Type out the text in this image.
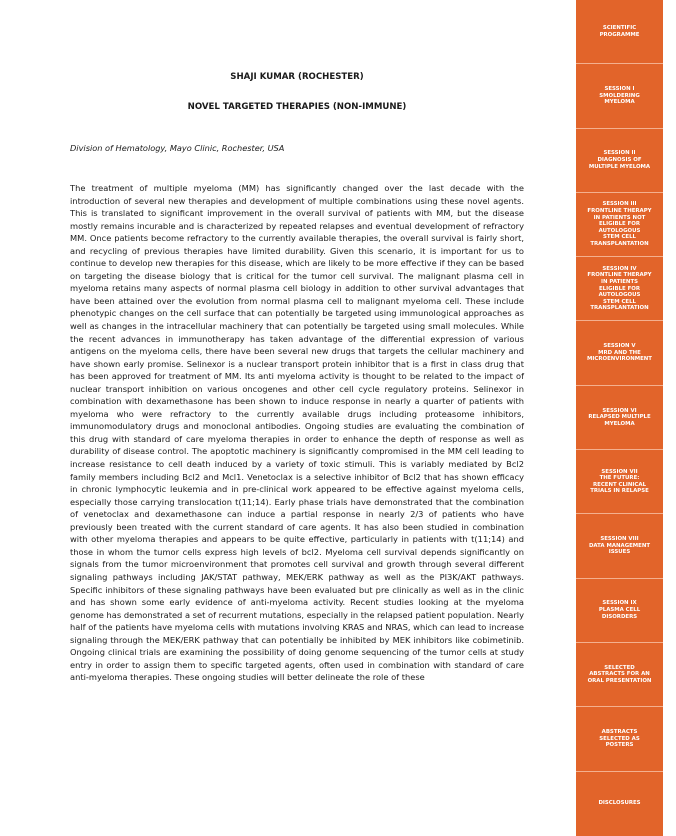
SHAJI KUMAR (ROCHESTER)
NOVEL TARGETED THERAPIES (NON-IMMUNE)
Division of Hematology, Mayo Clinic, Rochester, USA

The treatment of multiple myeloma (MM) has significantly changed over the last decade with the introduction of several new therapies and development of multiple combinations using these novel agents. This is translated to significant improvement in the overall survival of patients with MM, but the disease mostly remains incurable and is characterized by repeated relapses and eventual development of refractory MM. Once patients become refractory to the currently available therapies, the overall survival is fairly short, and recycling of previous therapies have limited durability. Given this scenario, it is important for us to continue to develop new therapies for this disease, which are likely to be more effective if they can be based on targeting the disease biology that is critical for the tumor cell survival. The malignant plasma cell in myeloma retains many aspects of normal plasma cell biology in addition to other survival advantages that have been attained over the evolution from normal plasma cell to malignant myeloma cell. These include phenotypic changes on the cell surface that can potentially be targeted using immunological approaches as well as changes in the intracellular machinery that can potentially be targeted using small molecules. While the recent advances in immunotherapy has taken advantage of the differential expression of various antigens on the myeloma cells, there have been several new drugs that targets the cellular machinery and have shown early promise. Selinexor is a nuclear transport protein inhibitor that is a first in class drug that has been approved for treatment of MM. Its anti myeloma activity is thought to be related to the impact of nuclear transport inhibition on various oncogenes and other cell cycle regulatory proteins. Selinexor in combination with dexamethasone has been shown to induce response in nearly a quarter of patients with myeloma who were refractory to the currently available drugs including proteasome inhibitors, immunomodulatory drugs and monoclonal antibodies. Ongoing studies are evaluating the combination of this drug with standard of care myeloma therapies in order to enhance the depth of response as well as durability of disease control. The apoptotic machinery is significantly compromised in the MM cell leading to increase resistance to cell death induced by a variety of toxic stimuli. This is variably mediated by Bcl2 family members including Bcl2 and Mcl1. Venetoclax is a selective inhibitor of Bcl2 that has shown efficacy in chronic lymphocytic leukemia and in pre-clinical work appeared to be effective against myeloma cells, especially those carrying translocation t(11;14). Early phase trials have demonstrated that the combination of venetoclax and dexamethasone can induce a partial response in nearly 2/3 of patients who have previously been treated with the current standard of care agents. It has also been studied in combination with other myeloma therapies and appears to be quite effective, particularly in patients with t(11;14) and those in whom the tumor cells express high levels of bcl2. Myeloma cell survival depends significantly on signals from the tumor microenvironment that promotes cell survival and growth through several different signaling pathways including JAK/STAT pathway, MEK/ERK pathway as well as the PI3K/AKT pathways. Specific inhibitors of these signaling pathways have been evaluated but pre clinically as well as in the clinic and has shown some early evidence of anti-myeloma activity. Recent studies looking at the myeloma genome has demonstrated a set of recurrent mutations, especially in the relapsed patient population. Nearly half of the patients have myeloma cells with mutations involving KRAS and NRAS, which can lead to increase signaling through the MEK/ERK pathway that can potentially be inhibited by MEK inhibitors like cobimetinib. Ongoing clinical trials are examining the possibility of doing genome sequencing of the tumor cells at study entry in order to assign them to specific targeted agents, often used in combination with standard of care anti-myeloma therapies. These ongoing studies will better delineate the role of these

SCIENTIFIC
PROGRAMME
SESSION I
SMOLDERING
MYELOMA
SESSION II
DIAGNOSIS OF
MULTIPLE MYELOMA
SESSION III
FRONTLINE THERAPY
IN PATIENTS NOT
ELIGIBLE FOR
AUTOLOGOUS
STEM CELL
TRANSPLANTATION
SESSION IV
FRONTLINE THERAPY
IN PATIENTS
ELIGIBLE FOR
AUTOLOGOUS
STEM CELL
TRANSPLANTATION
SESSION V
MRD AND THE
MICROENVIRONMENT
SESSION VI
RELAPSED MULTIPLE
MYELOMA
SESSION VII
THE FUTURE:
RECENT CLINICAL
TRIALS IN RELAPSE
SESSION VIII
DATA MANAGEMENT
ISSUES
SESSION IX
PLASMA CELL
DISORDERS
SELECTED
ABSTRACTS FOR AN
ORAL PRESENTATION
ABSTRACTS
SELECTED AS
POSTERS
DISCLOSURES
